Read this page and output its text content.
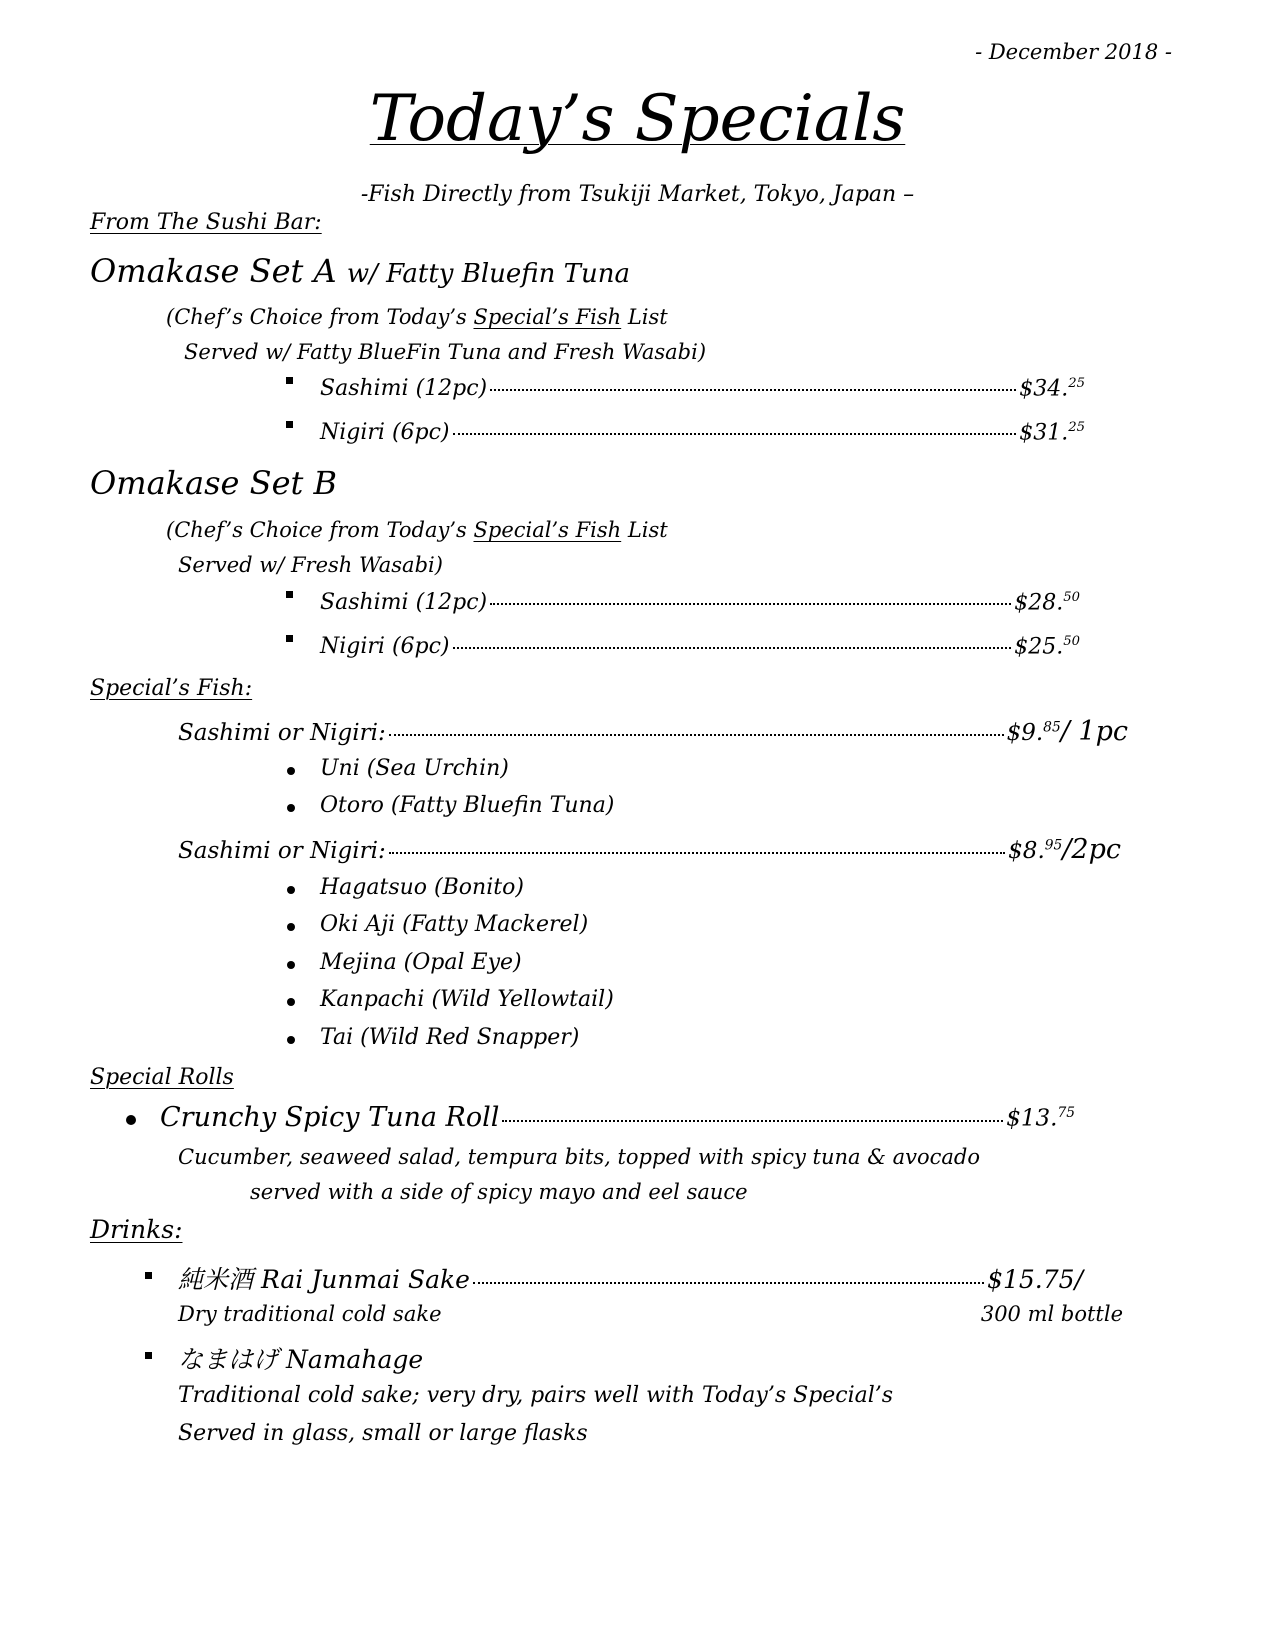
- December 2018 -
Today’s Specials
-Fish Directly from Tsukiji Market, Tokyo, Japan –
From The Sushi Bar:
Omakase Set A w/ Fatty Bluefin Tuna
(Chef’s Choice from Today’s Special’s Fish List
Served w/ Fatty BlueFin Tuna and Fresh Wasabi)
Sashimi (12pc)	$34.25
Nigiri (6pc)	$31.25
Omakase Set B
(Chef’s Choice from Today’s Special’s Fish List
Served w/ Fresh Wasabi)
Sashimi (12pc)	$28.50
Nigiri (6pc)	$25.50
Special’s Fish:
Sashimi or Nigiri:	$9.85/ 1pc
Uni (Sea Urchin)
Otoro (Fatty Bluefin Tuna)
Sashimi or Nigiri:	$8.95/2pc
Hagatsuo (Bonito)
Oki Aji (Fatty Mackerel)
Mejina (Opal Eye)
Kanpachi (Wild Yellowtail)
Tai (Wild Red Snapper)
Special Rolls
Crunchy Spicy Tuna Roll	$13.75
Cucumber, seaweed salad, tempura bits, topped with spicy tuna & avocado
served with a side of spicy mayo and eel sauce
Drinks:
純米酒 Rai Junmai Sake	$15.75/
Dry traditional cold sake	300 ml bottle
なまはげ Namahage
Traditional cold sake; very dry, pairs well with Today’s Special’s
Served in glass, small or large flasks
